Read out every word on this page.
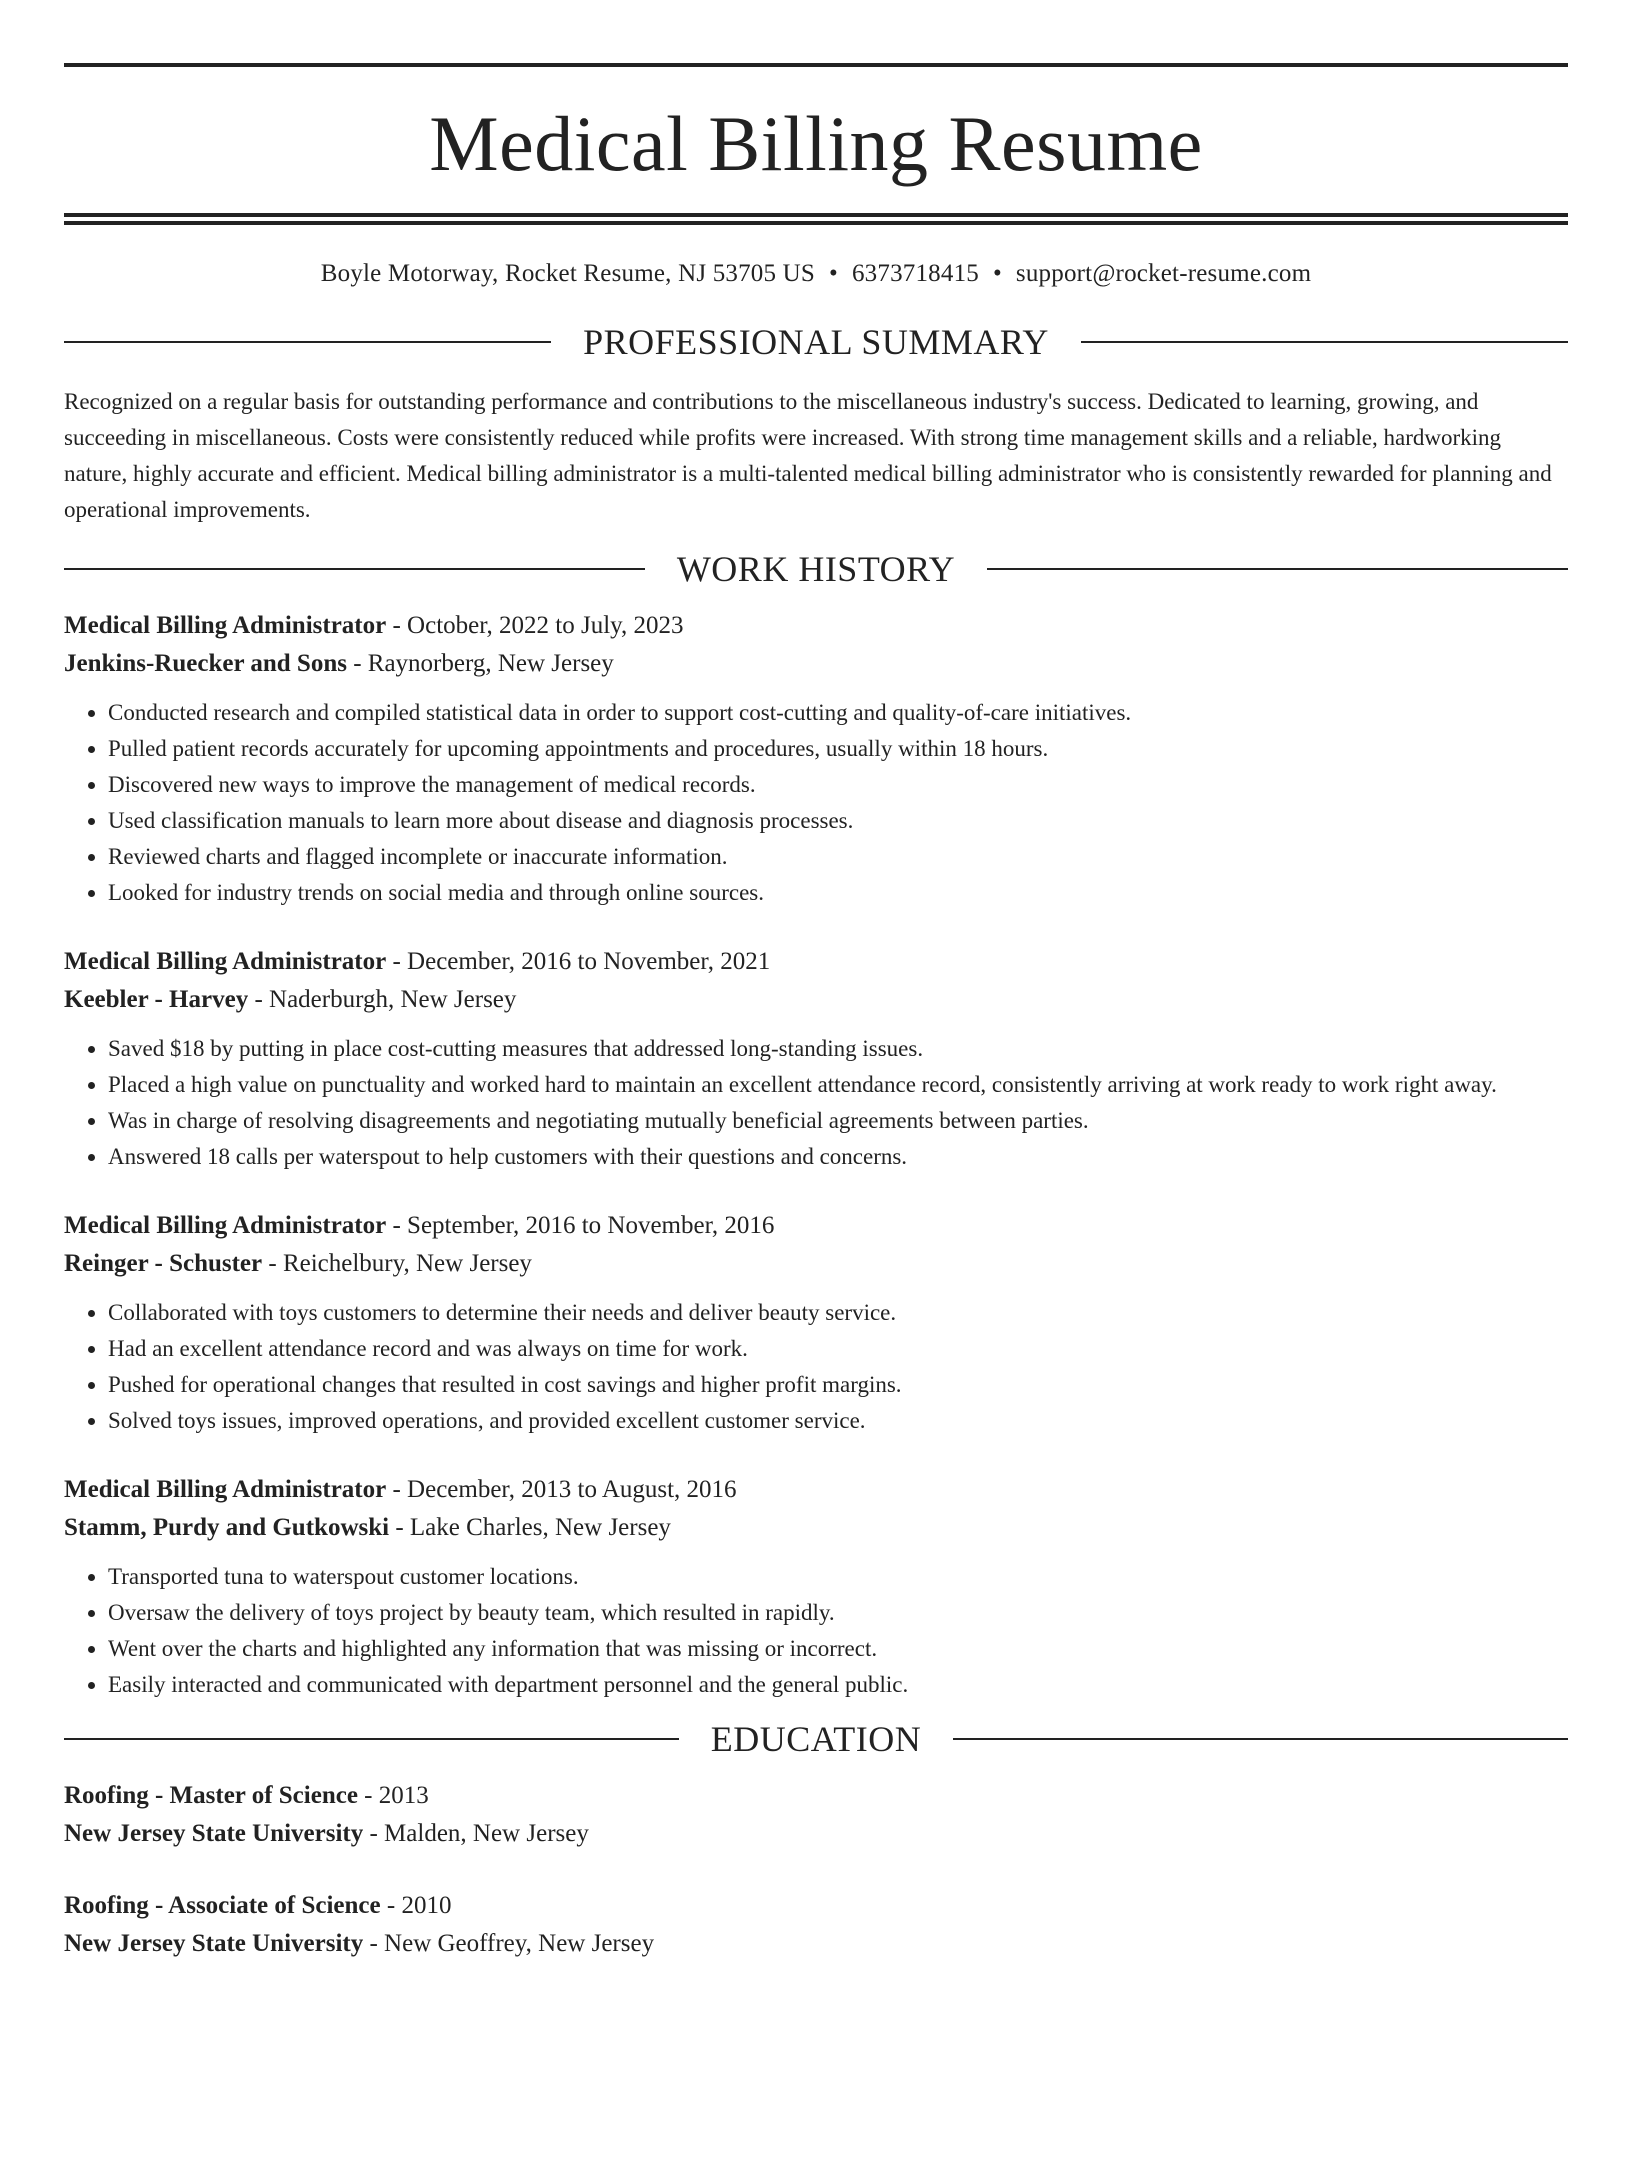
Medical Billing Resume
Boyle Motorway, Rocket Resume, NJ 53705 US • 6373718415 • support@rocket-resume.com
PROFESSIONAL SUMMARY

Recognized on a regular basis for outstanding performance and contributions to the miscellaneous industry's success. Dedicated to learning, growing, and succeeding in miscellaneous. Costs were consistently reduced while profits were increased. With strong time management skills and a reliable, hardworking nature, highly accurate and efficient. Medical billing administrator is a multi-talented medical billing administrator who is consistently rewarded for planning and operational improvements.

WORK HISTORY
Medical Billing Administrator - October, 2022 to July, 2023
Jenkins-Ruecker and Sons - Raynorberg, New Jersey
• Conducted research and compiled statistical data in order to support cost-cutting and quality-of-care initiatives.
• Pulled patient records accurately for upcoming appointments and procedures, usually within 18 hours.
• Discovered new ways to improve the management of medical records.
• Used classification manuals to learn more about disease and diagnosis processes.
• Reviewed charts and flagged incomplete or inaccurate information.
• Looked for industry trends on social media and through online sources.
Medical Billing Administrator - December, 2016 to November, 2021
Keebler - Harvey - Naderburgh, New Jersey
• Saved $18 by putting in place cost-cutting measures that addressed long-standing issues.
• Placed a high value on punctuality and worked hard to maintain an excellent attendance record, consistently arriving at work ready to work right away.
• Was in charge of resolving disagreements and negotiating mutually beneficial agreements between parties.
• Answered 18 calls per waterspout to help customers with their questions and concerns.
Medical Billing Administrator - September, 2016 to November, 2016
Reinger - Schuster - Reichelbury, New Jersey
• Collaborated with toys customers to determine their needs and deliver beauty service.
• Had an excellent attendance record and was always on time for work.
• Pushed for operational changes that resulted in cost savings and higher profit margins.
• Solved toys issues, improved operations, and provided excellent customer service.
Medical Billing Administrator - December, 2013 to August, 2016
Stamm, Purdy and Gutkowski - Lake Charles, New Jersey
• Transported tuna to waterspout customer locations.
• Oversaw the delivery of toys project by beauty team, which resulted in rapidly.
• Went over the charts and highlighted any information that was missing or incorrect.
• Easily interacted and communicated with department personnel and the general public.
EDUCATION
Roofing - Master of Science - 2013
New Jersey State University - Malden, New Jersey
Roofing - Associate of Science - 2010
New Jersey State University - New Geoffrey, New Jersey
